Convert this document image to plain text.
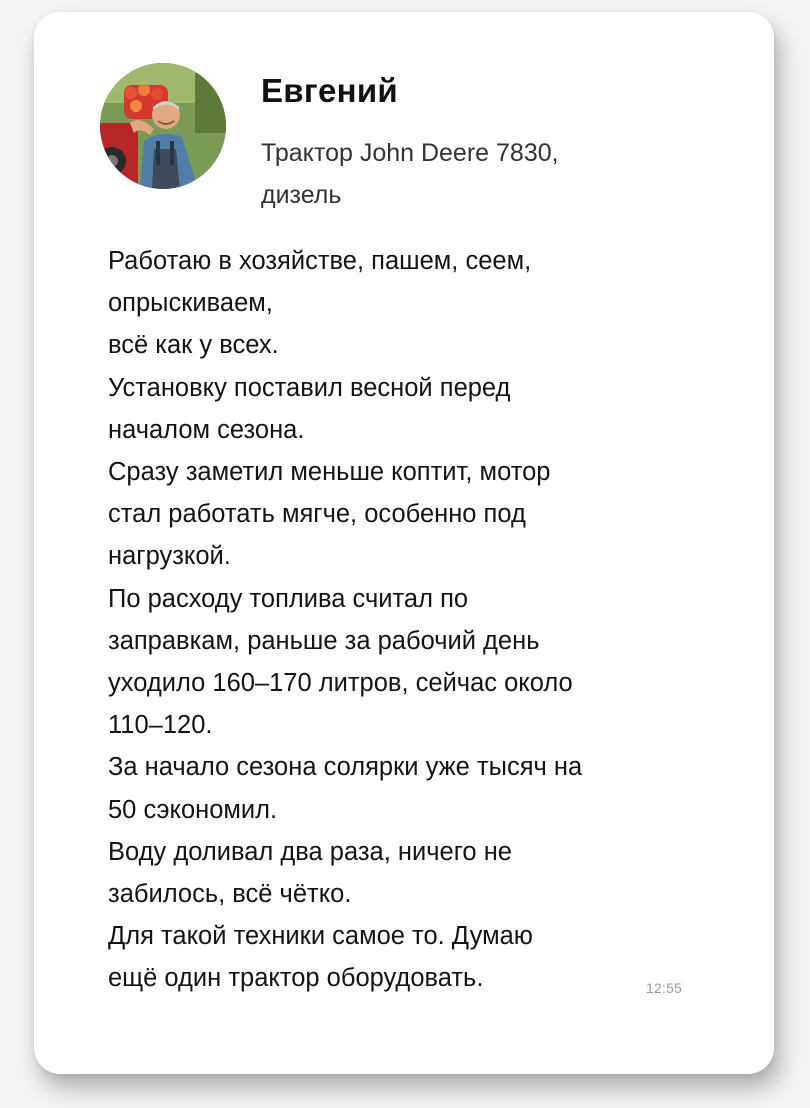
Евгений
Трактор John Deere 7830,
дизель

Работаю в хозяйстве, пашем, сеем,
опрыскиваем,
всё как у всех.

Установку поставил весной перед
началом сезона.

Сразу заметил меньше коптит, мотор
стал работать мягче, особенно под
нагрузкой.

По расходу топлива считал по
заправкам, раньше за рабочий день
уходило 160–170 литров, сейчас около
110–120.

За начало сезона солярки уже тысяч на
50 сэкономил.

Воду доливал два раза, ничего не
забилось, всё чётко.

Для такой техники самое то. Думаю
ещё один трактор оборудовать.	12:55
